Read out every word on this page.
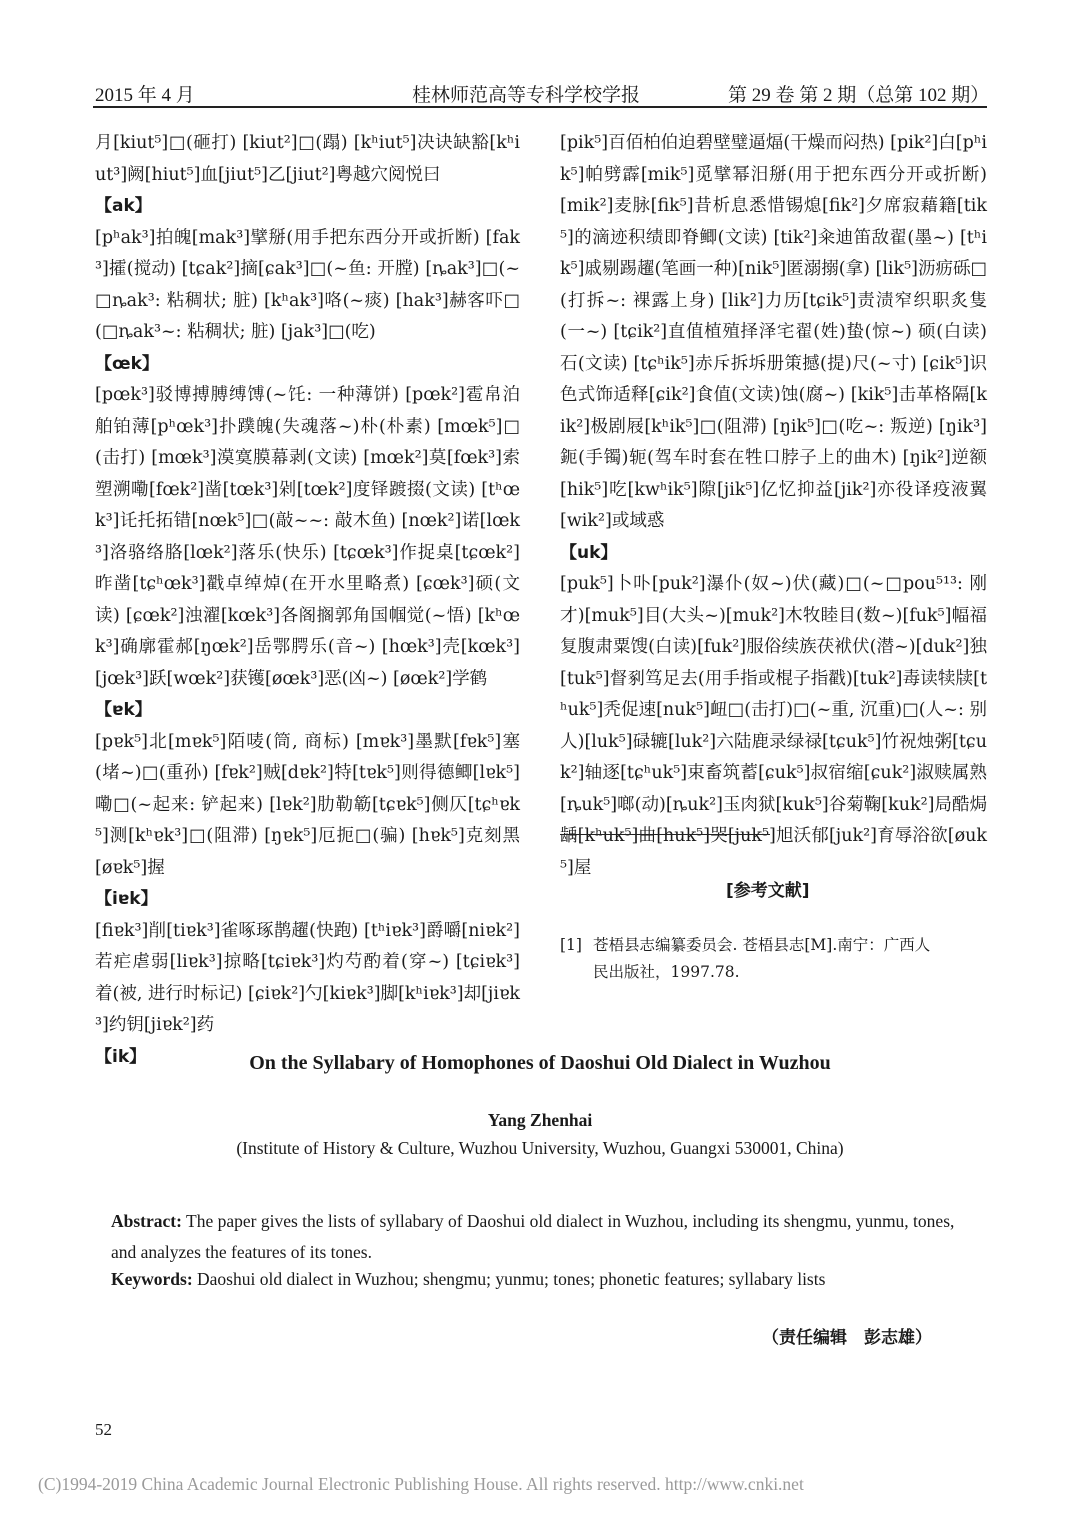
2015 年 4 月	桂林师范高等专科学校学报	第 29 卷 第 2 期（总第 102 期）

月[kiut⁵]□(砸打) [kiut²]□(蹋) [kʰiut⁵]决诀缺豁[kʰiut³]阙[hiut⁵]血[jiut⁵]乙[jiut²]粤越穴阅悦曰

【ak】

[pʰak³]拍魄[mak³]擘掰(用手把东西分开或折断) [fak³]攉(搅动) [tɕak²]摘[ɕak³]□(~鱼: 开膛) [ȵak³]□(~□ȵak³: 粘稠状; 脏) [kʰak³]咯(~痰) [hak³]赫客吓□(□ȵak³~: 粘稠状; 脏) [jak³]□(吃)

【œk】

[pœk³]驳博搏膊缚馎(~饦: 一种薄饼) [pœk²]雹帛泊舶铂薄[pʰœk³]扑蹼魄(失魂落~)朴(朴素) [mœk⁵]□(击打) [mœk³]漠寞膜幕剥(文读) [mœk²]莫[fœk³]索塑溯嘞[fœk²]凿[tœk³]剁[tœk²]度铎踱掇(文读) [tʰœk³]讬托拓错[nœk⁵]□(敲~~: 敲木鱼) [nœk²]诺[lœk³]洛骆络胳[lœk²]落乐(快乐) [tɕœk³]作捉桌[tɕœk²]昨凿[tɕʰœk³]戳卓绰焯(在开水里略煮) [ɕœk³]硕(文读) [ɕœk²]浊濯[kœk³]各阁搁郭角国帼觉(~悟) [kʰœk³]确廓霍郝[ŋœk²]岳鄂腭乐(音~) [hœk³]壳[kœk³] [jœk³]跃[wœk²]获镬[øœk³]恶(凶~) [øœk²]学鹤

【ɐk】

[pɐk⁵]北[mɐk⁵]陌唛(筒, 商标) [mɐk³]墨默[fɐk⁵]塞(堵~)□(重孙) [fɐk²]贼[dɐk²]特[tɐk⁵]则得德鲫[lɐk⁵]嘞□(~起来: 铲起来) [lɐk²]肋勒簕[tɕɐk⁵]侧仄[tɕʰɐk⁵]测[kʰɐk³]□(阻滞) [ŋɐk⁵]厄扼□(骗) [hɐk⁵]克刻黑[øɐk⁵]握

【iɐk】

[fiɐk³]削[tiɐk³]雀啄琢鹊趯(快跑) [tʰiɐk³]爵嚼[niɐk²]若疟虐弱[liɐk³]掠略[tɕiɐk³]灼芍酌着(穿~) [tɕiɐk³]着(被, 进行时标记) [ɕiɐk²]勺[kiɐk³]脚[kʰiɐk³]却[jiɐk³]约钥[jiɐk²]药

【ik】

[pik⁵]百佰柏伯迫碧壁璧逼煏(干燥而闷热) [pik²]白[pʰik⁵]帕劈霹[mik⁵]觅擘幂汨掰(用于把东西分开或折断) [mik²]麦脉[fik⁵]昔析息悉惜锡熄[fik²]夕席寂藉籍[tik⁵]的滴迹积绩即脊鲫(文读) [tik²]籴迪笛敌翟(墨~) [tʰik⁵]戚剔踢趯(笔画一种)[nik⁵]匿溺搦(拿) [lik⁵]沥疬砾□(打拆~: 裸露上身) [lik²]力历[tɕik⁵]责渍窄织职炙隻(一~) [tɕik²]直值植殖择泽宅翟(姓)蛰(惊~) 硕(白读) 石(文读) [tɕʰik⁵]赤斥拆坼册策撼(提)尺(~寸) [ɕik⁵]识色式饰适释[ɕik²]食值(文读)蚀(腐~) [kik⁵]击革格隔[kik²]极剧屐[kʰik⁵]□(阻滞) [ŋik⁵]□(吃~: 叛逆) [ŋik³]鈪(手镯)轭(驾车时套在牲口脖子上的曲木) [ŋik²]逆额[hik⁵]吃[kwʰik⁵]隙[jik⁵]亿忆抑益[jik²]亦役译疫液翼[wik²]或域惑

【uk】

[puk⁵]卜卟[puk²]瀑仆(奴~)伏(藏)□(~□pou⁵¹³: 刚才)[muk⁵]目(大头~)[muk²]木牧睦目(数~)[fuk⁵]幅福复腹肃粟馊(白读)[fuk²]服俗续族茯袱伏(潜~)[duk²]独[tuk⁵]督剢笃足去(用手指或棍子指戳)[tuk²]毒读犊牍[tʰuk⁵]秃促速[nuk⁵]衄□(击打)□(~重, 沉重)□(人~: 别人)[luk⁵]碌辘[luk²]六陆鹿录绿禄[tɕuk⁵]竹祝烛粥[tɕuk²]轴逐[tɕʰuk⁵]束畜筑蓄[ɕuk⁵]叔宿缩[ɕuk²]淑赎属熟[ȵuk⁵]啷(动)[ȵuk²]玉肉狱[kuk⁵]谷菊鞠[kuk²]局酷焗龋[kʰuk⁵]曲[huk⁵]哭[juk⁵]旭沃郁[juk²]育辱浴欲[øuk⁵]屋

[参考文献]
[1] 苍梧县志编纂委员会. 苍梧县志[M].南宁：广西人
民出版社，1997.78.
On the Syllabary of Homophones of Daoshui Old Dialect in Wuzhou
Yang Zhenhai
(Institute of History & Culture, Wuzhou University, Wuzhou, Guangxi 530001, China)
Abstract: The paper gives the lists of syllabary of Daoshui old dialect in Wuzhou, including its shengmu, yunmu, tones, and analyzes the features of its tones.
Keywords: Daoshui old dialect in Wuzhou; shengmu; yunmu; tones; phonetic features; syllabary lists
（责任编辑　彭志雄）
52
(C)1994-2019 China Academic Journal Electronic Publishing House. All rights reserved. http://www.cnki.net
